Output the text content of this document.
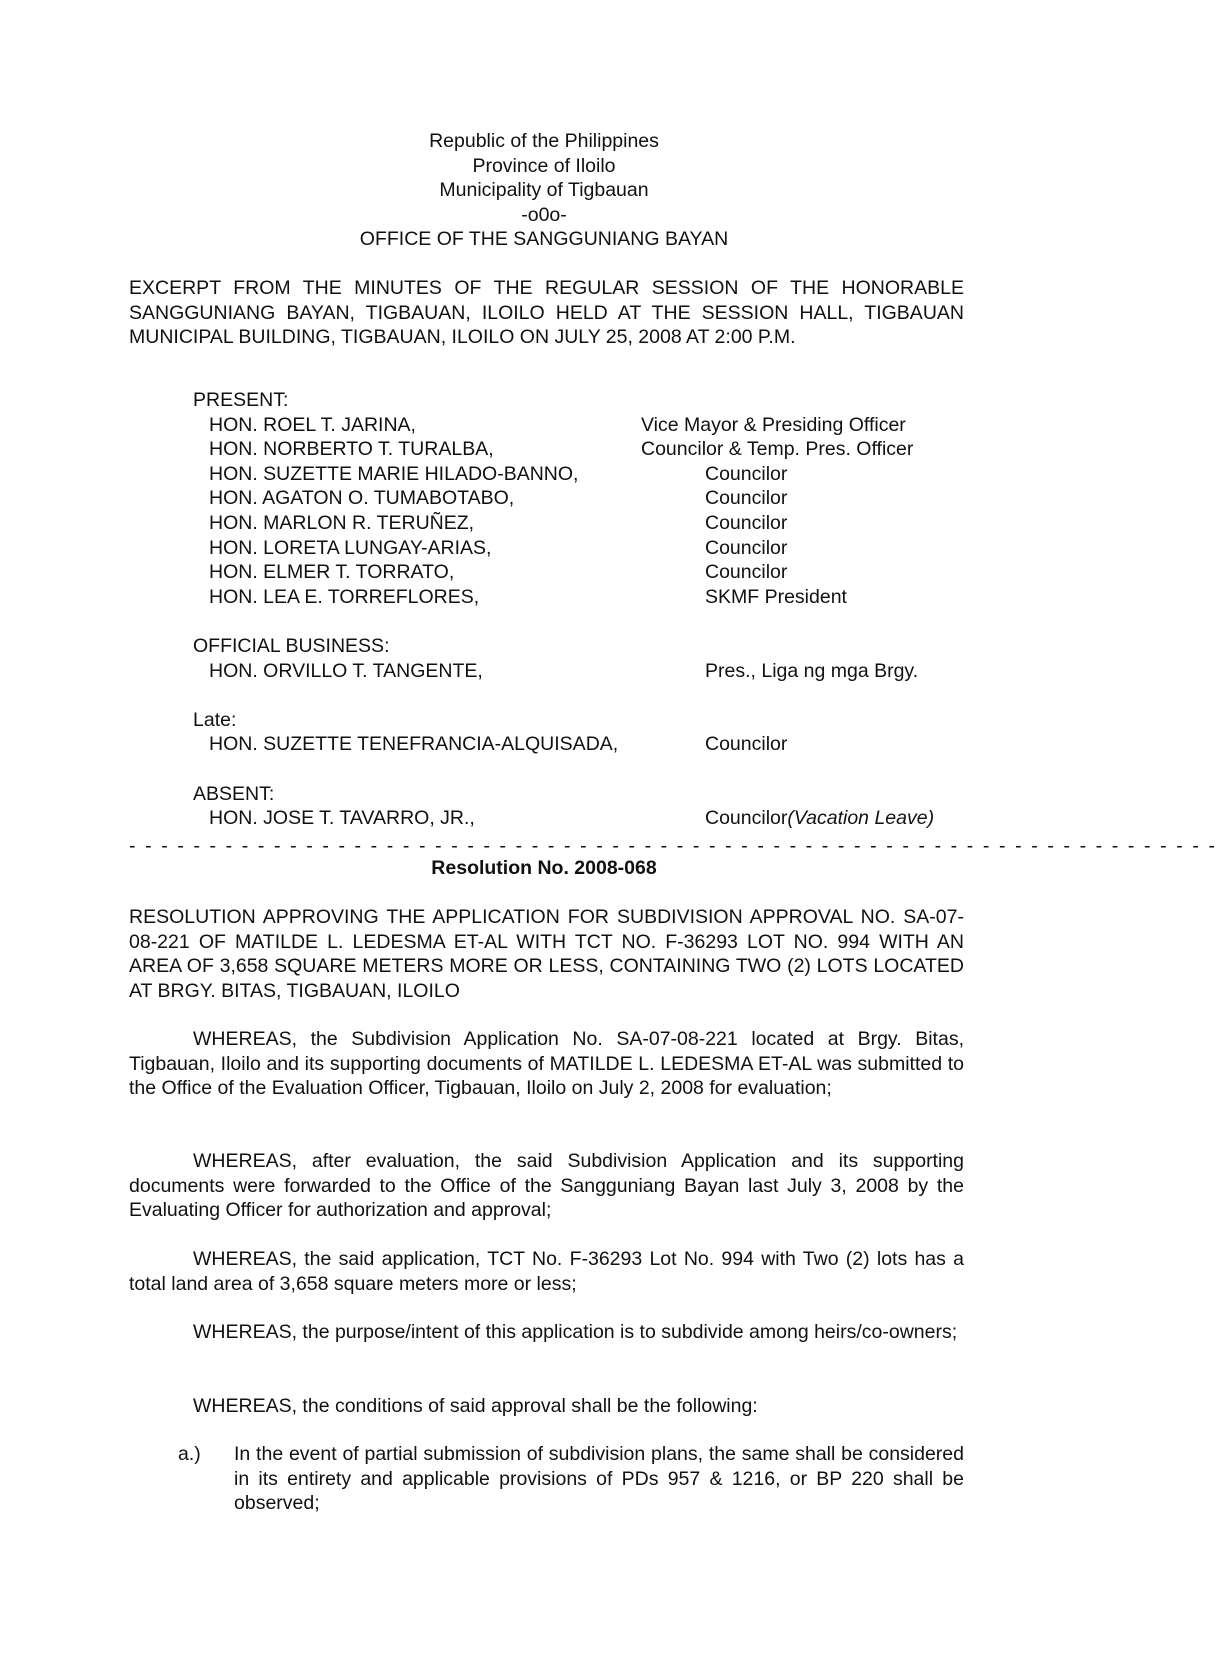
Republic of the Philippines
Province of Iloilo
Municipality of Tigbauan
-o0o-
OFFICE OF THE SANGGUNIANG BAYAN
EXCERPT FROM THE MINUTES OF THE REGULAR SESSION OF THE HONORABLE SANGGUNIANG BAYAN, TIGBAUAN, ILOILO HELD AT THE SESSION HALL, TIGBAUAN MUNICIPAL BUILDING, TIGBAUAN, ILOILO ON JULY 25, 2008 AT 2:00 P.M.
PRESENT:
HON. ROEL T. JARINA,	Vice Mayor & Presiding Officer
HON. NORBERTO T. TURALBA,	Councilor & Temp. Pres. Officer
HON. SUZETTE MARIE HILADO-BANNO,	Councilor
HON. AGATON O. TUMABOTABO,	Councilor
HON. MARLON R. TERUÑEZ,	Councilor
HON. LORETA LUNGAY-ARIAS,	Councilor
HON. ELMER T. TORRATO,	Councilor
HON. LEA E. TORREFLORES,	SKMF President
OFFICIAL BUSINESS:
HON. ORVILLO T. TANGENTE,	Pres., Liga ng mga Brgy.
Late:
HON. SUZETTE TENEFRANCIA-ALQUISADA,	Councilor
ABSENT:
HON. JOSE T. TAVARRO, JR.,	Councilor(Vacation Leave)
- - - - - - - - - - - - - - - - - - - - - - - - - - - - - - - - - - - - - - - - - - - - - - - - - - - - - - - - - - - - - - - - - - - -
Resolution No. 2008-068
RESOLUTION APPROVING THE APPLICATION FOR SUBDIVISION APPROVAL NO. SA-07-08-221 OF MATILDE L. LEDESMA ET-AL WITH TCT NO. F-36293 LOT NO. 994 WITH AN AREA OF 3,658 SQUARE METERS MORE OR LESS, CONTAINING TWO (2) LOTS LOCATED AT BRGY. BITAS, TIGBAUAN, ILOILO
WHEREAS, the Subdivision Application No. SA-07-08-221 located at Brgy. Bitas, Tigbauan, Iloilo and its supporting documents of MATILDE L. LEDESMA ET-AL was submitted to the Office of the Evaluation Officer, Tigbauan, Iloilo on July 2, 2008 for evaluation;
WHEREAS, after evaluation, the said Subdivision Application and its supporting documents were forwarded to the Office of the Sangguniang Bayan last July 3, 2008 by the Evaluating Officer for authorization and approval;
WHEREAS, the said application, TCT No. F-36293 Lot No. 994 with Two (2) lots has a total land area of 3,658 square meters more or less;
WHEREAS, the purpose/intent of this application is to subdivide among heirs/co-owners;
WHEREAS, the conditions of said approval shall be the following:
a.) In the event of partial submission of subdivision plans, the same shall be considered in its entirety and applicable provisions of PDs 957 & 1216, or BP 220 shall be observed;
